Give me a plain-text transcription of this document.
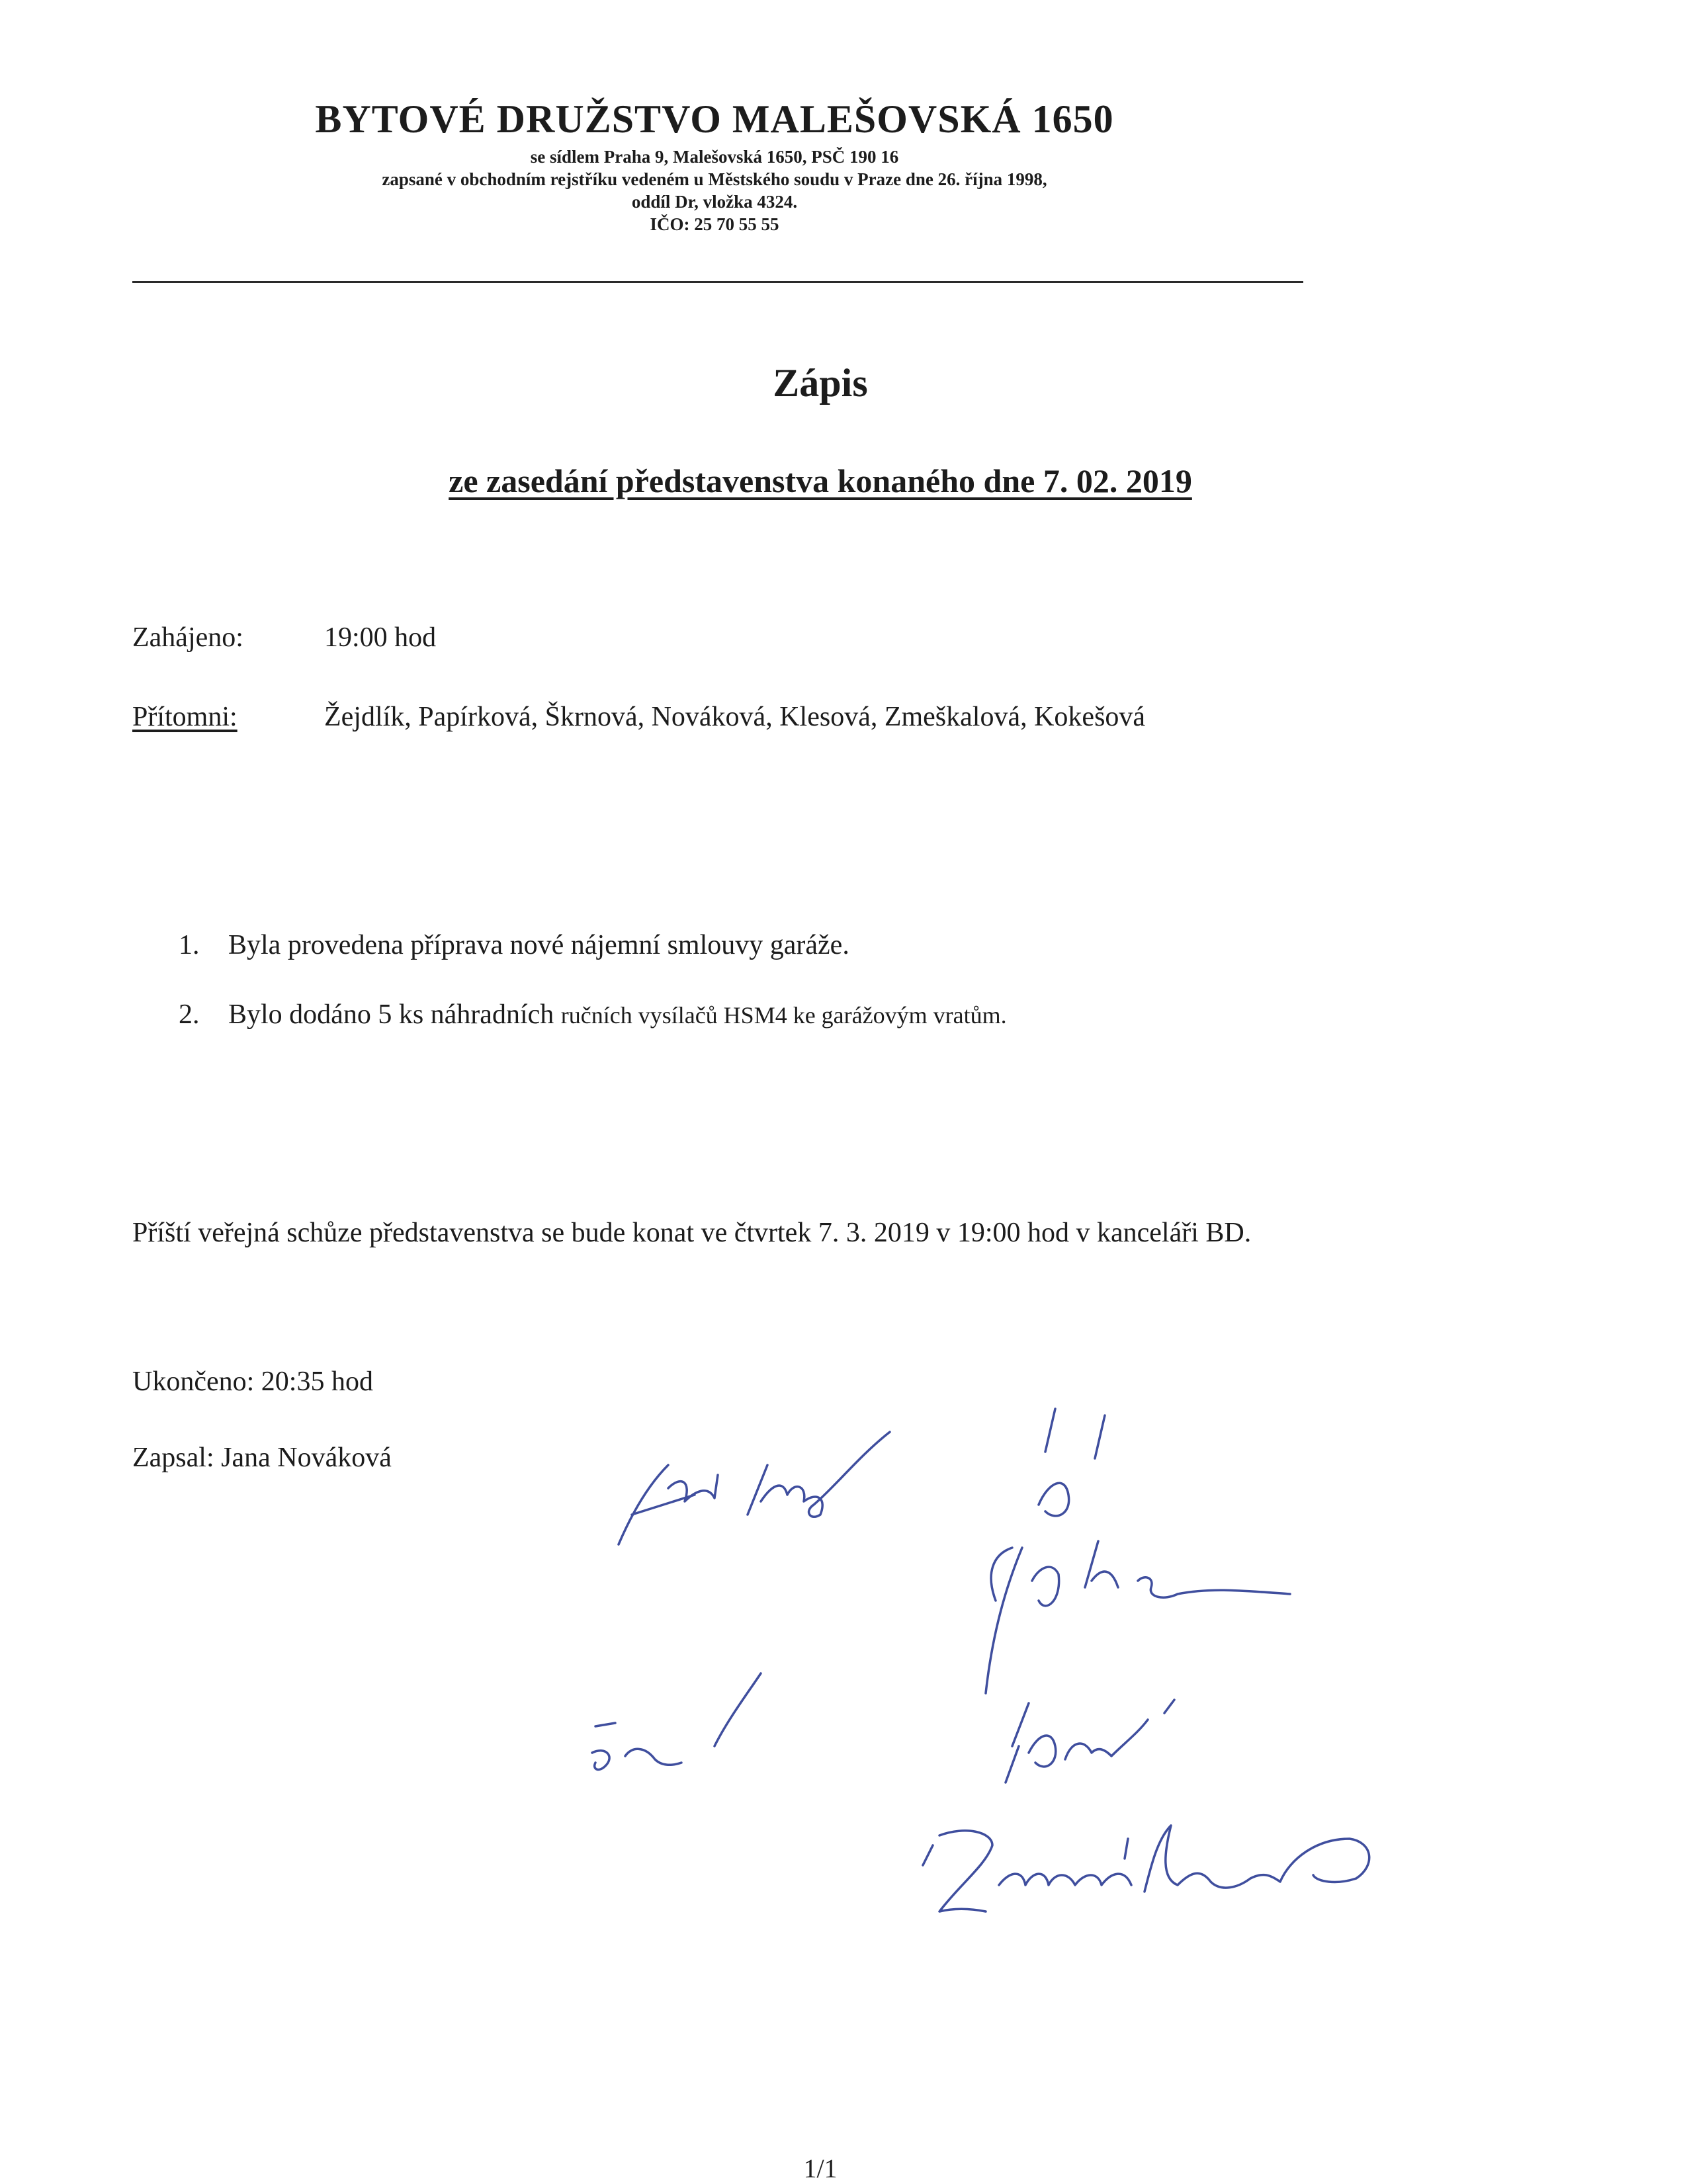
BYTOVÉ DRUŽSTVO MALEŠOVSKÁ 1650
se sídlem Praha 9, Malešovská 1650, PSČ 190 16
zapsané v obchodním rejstříku vedeném u Městského soudu v Praze dne 26. října 1998,
oddíl Dr, vložka 4324.
IČO: 25 70 55 55
Zápis
ze zasedání představenstva konaného dne 7. 02. 2019
Zahájeno:	19:00 hod
Přítomni:	Žejdlík, Papírková, Škrnová, Nováková, Klesová, Zmeškalová, Kokešová
1. Byla provedena příprava nové nájemní smlouvy garáže.
2. Bylo dodáno 5 ks náhradních ručních vysílačů HSM4 ke garážovým vratům.
Příští veřejná schůze představenstva se bude konat ve čtvrtek 7. 3. 2019 v 19:00 hod v kanceláři BD.
Ukončeno: 20:35 hod
Zapsal: Jana Nováková
1/1
